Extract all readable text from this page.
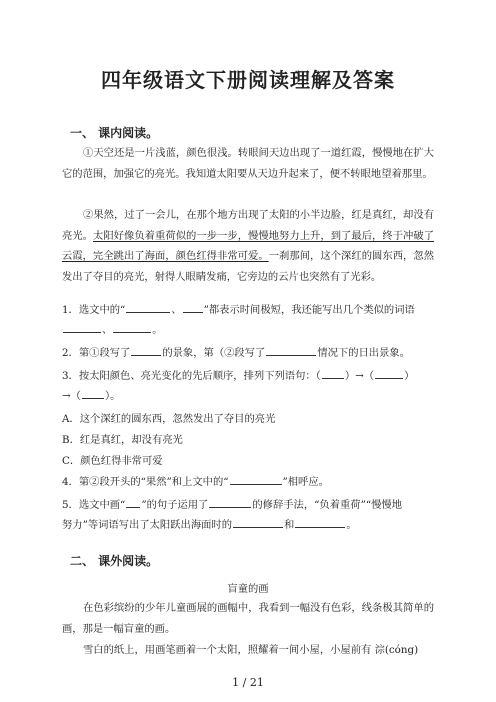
四年级语文下册阅读理解及答案
一、 课内阅读。
①天空还是一片浅蓝，颜色很浅。转眼间天边出现了一道红霞，慢慢地在扩大它的范围，加强它的亮光。我知道太阳要从天边升起来了，便不转眼地望着那里。
②果然，过了一会儿，在那个地方出现了太阳的小半边脸，红是真红，却没有亮光。太阳好像负着重荷似的一步一步，慢慢地努力上升，到了最后，终于冲破了云霞，完全跳出了海面，颜色红得非常可爱。一刹那间，这个深红的圆东西，忽然发出了夺目的亮光，射得人眼睛发痛，它旁边的云片也突然有了光彩。
1．选文中的“	、 ”都表示时间极短，我还能写出几个类似的词语
、	。
2．第①段写了	的景象，第（②段写了	情况下的日出景象。
3．按太阳颜色、亮光变化的先后顺序，排列下列语句：（ ）→（	）
→（ ）。
A．这个深红的圆东西，忽然发出了夺目的亮光
B．红是真红，却没有亮光
C．颜色红得非常可爱
4．第②段开头的“果然”和上文中的“	”相呼应。
5．选文中画“ ”的句子运用了	的修辞手法，“负着重荷”“慢慢地
努力”等词语写出了太阳跃出海面时的	和	。
二、 课外阅读。
盲童的画
在色彩缤纷的少年儿童画展的画幅中，我看到一幅没有色彩，线条极其简单的画，那是一幅盲童的画。
雪白的纸上，用画笔画着一个太阳，照耀着一间小屋，小屋前有 淙(cóng)
1 / 21
